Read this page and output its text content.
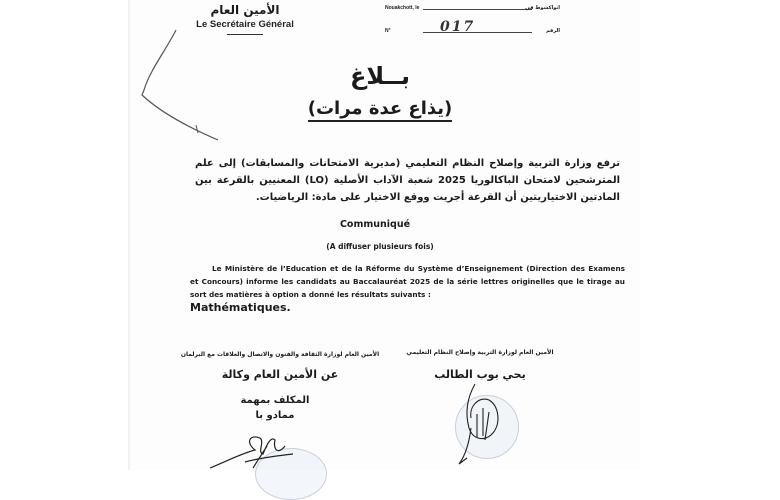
الأمين العام
Le Secrétaire Général
Nouakchott, le	انواكشوط في
N°	017	الرقم
بــلاغ
(يذاع عدة مرات)
ترفع وزارة التربية وإصلاح النظام التعليمي (مديرية الامتحانات والمسابقات) إلى علم المترشحين لامتحان الباكالوريا 2025 شعبة الآداب الأصلية (LO) المعنيين بالقرعة بين المادتين الاختياريتين أن القرعة أجريت ووقع الاختيار على مادة: الرياضيات.
Communiqué
(A diffuser plusieurs fois)
Le Ministère de l’Education et de la Réforme du Système d’Enseignement (Direction des Examens et Concours) informe les candidats au Baccalauréat 2025 de la série lettres originelles que le tirage au sort des matières à option a donné les résultats suivants :
Mathématiques.
الأمين العام لوزارة الثقافة والفنون والاتصال والعلاقات مع البرلمان
عن الأمين العام وكالة
المكلف بمهمة
ممادو با
الأمين العام لوزارة التربية وإصلاح النظام التعليمي
يحي بوب الطالب
